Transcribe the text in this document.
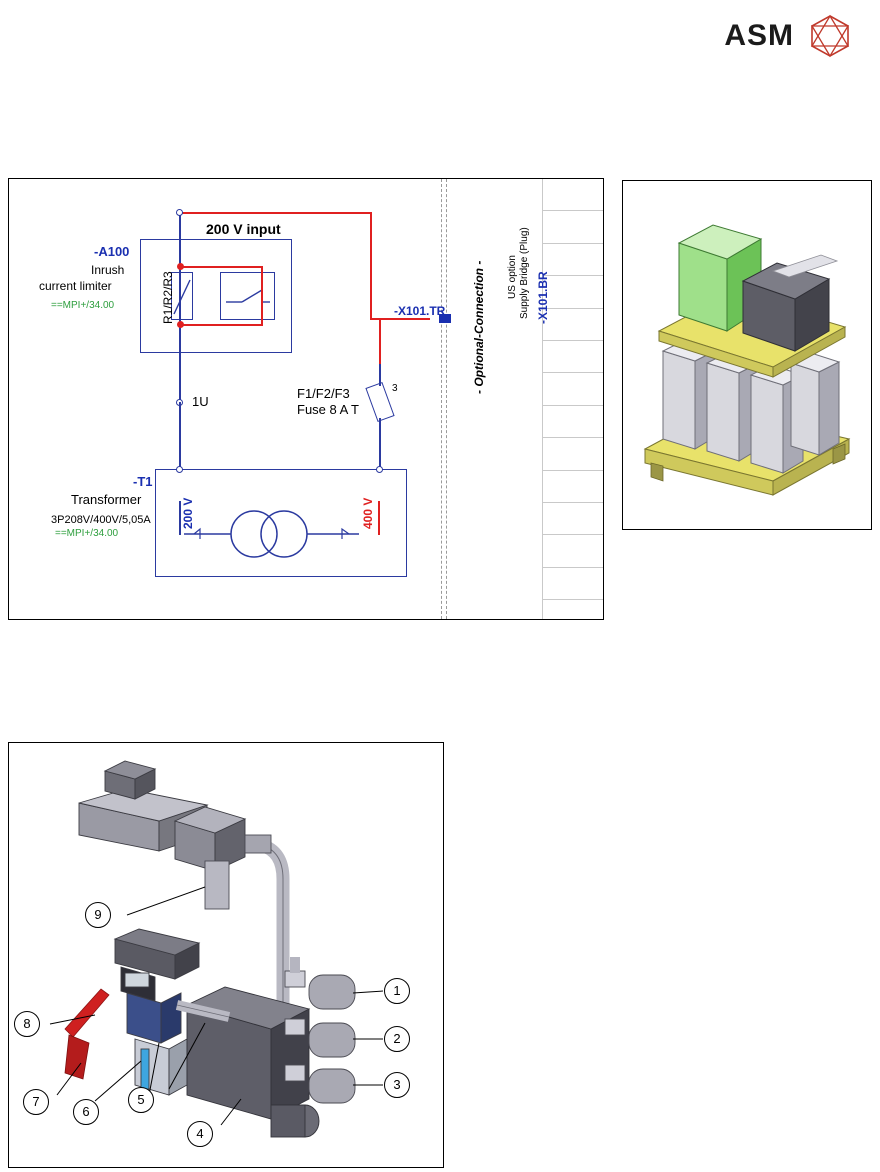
ASM
200 V input
-A100
Inrush
current limiter
==MPI+/34.00	R1/R2/R3
1U
F1/F2/F3
Fuse 8 A T
3
-X101.TR - Optional-Connection - US option Supply Bridge (Plug) -X101.BR
-T1
Transformer
3P208V/400V/5,05A
==MPI+/34.00
200 V	400 V
1
2
3
4
5
6
7
8
9
